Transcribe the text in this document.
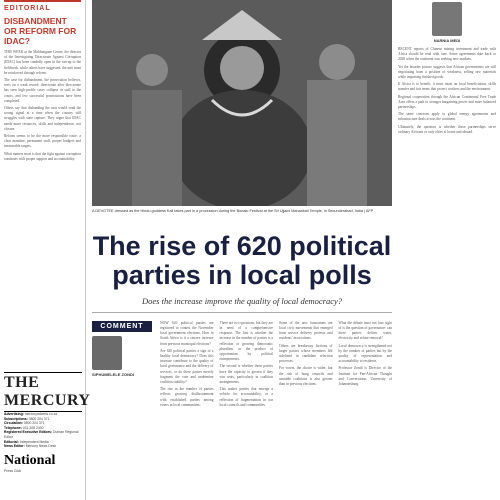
EDITORIAL
DISBANDMENT OR REFORM FOR IDAC?

THIS WEEK at the Mabhungane Centre, the director of the Investigating Directorate Against Corruption (IDAC) has been candidly open in the run-up to the fieldwork, while others have suggested, the unit must be reinforced through reform.

The case for disbandment, the prosecution believes, rests on a weak record: directorate after directorate has seen high-profile cases collapse or stall in the courts, and few successful prosecutions have been completed.

Others say that disbanding the unit would send the wrong signal at a time when the country still struggles with state capture. They argue that IDAC needs more resources, skills and independence, not closure.

Reform seems to be the more responsible route: a clear mandate, permanent staff, proper budgets and measurable targets.

What matters most is that the fight against corruption continues with proper support and accountability.

THE MERCURY
Advertising: mercuryadverts.co.za
Subscriptions: 0800 204 371
Circulation: 0800 204 371
Telephone: 031 308 2400
Registered Executive Editors: Durban Regional Editor
Editorial: Independent Media
News Editor: Mercury News Desk
National
Press Club
A DEVOTEE dressed as the Hindu goddess Kali takes part in a procession during the Bonalu Festival at the Sri Ujjaini Mahankali Temple, in Secunderabad, India | AFP
The rise of 620 political parties in local polls
Does the increase improve the quality of local democracy?
COMMENT
SIPHUMELELE ZONDI

NOW 620 political parties are registered to contest the November local government elections. How in South Africa is it a sincere increase from previous municipal elections?

Are 620 political parties a sign of a healthy local democracy? Does this increase contribute to the quality of local governance and the delivery of services, or do these parties merely fragment the vote and undermine coalition stability?

The rise in the number of parties reflects growing disillusionment with established parties among voters in local communities.

There are two questions, but they are in need of a comprehensive response. The first is whether the increase in the number of parties is a reflection of growing democratic pluralism, or the product of opportunism by political entrepreneurs.

The second is whether these parties have the capacity to govern if they win seats, particularly in coalition arrangements.

This makes parties that emerge a vehicle for accountability, or a reflection of fragmentation in our local councils and communities.

Some of the new formations are local civic movements that emerged from service delivery protests and residents' associations.

Others are breakaway factions of larger parties whose members felt sidelined in candidate selection processes.

For voters, the choice is wider, but the risk of hung councils and unstable coalitions is also greater than in previous elections.

What the debate must not lose sight of is the question of governance: can these parties deliver water, electricity and refuse removal?

Local democracy is strengthened not by the number of parties but by the quality of representation and accountability to residents.

Professor Zondi is Director of the Institute for Pan-African Thought and Conversation, University of Johannesburg.

NARNIA MEDI

RECENT reports of Chinese mining investment and trade with Africa should be read with care. Some agreements date back to 2020 when the continent was seeking new markets.

Yet the broader picture suggests that African governments are still negotiating from a position of weakness, selling raw materials while importing finished goods.

If Africa is to benefit, it must insist on local beneficiation, skills transfer and fair terms that protect workers and the environment.

Regional cooperation through the African Continental Free Trade Area offers a path to stronger bargaining power and more balanced partnerships.

The same concerns apply to global energy agreements and infrastructure deals across the continent.

Ultimately, the question is whether these partnerships serve ordinary Africans or only elites at home and abroad.
